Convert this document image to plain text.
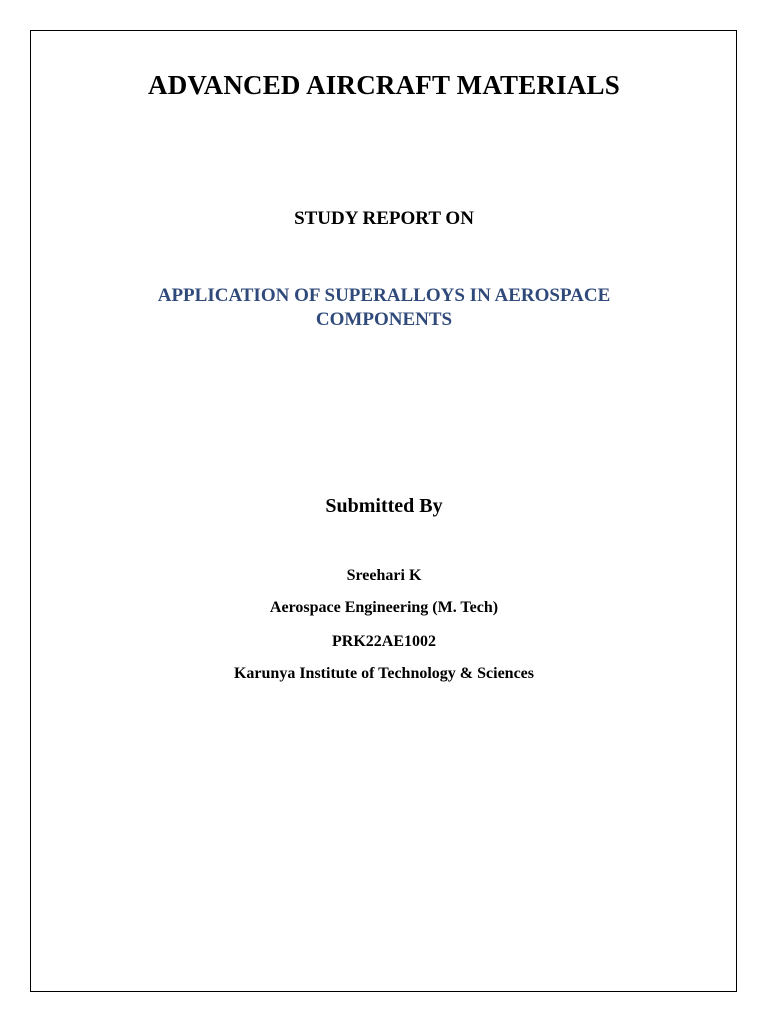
ADVANCED AIRCRAFT MATERIALS
STUDY REPORT ON
APPLICATION OF SUPERALLOYS IN AEROSPACE
COMPONENTS
Submitted By
Sreehari K
Aerospace Engineering (M. Tech)
PRK22AE1002
Karunya Institute of Technology & Sciences
